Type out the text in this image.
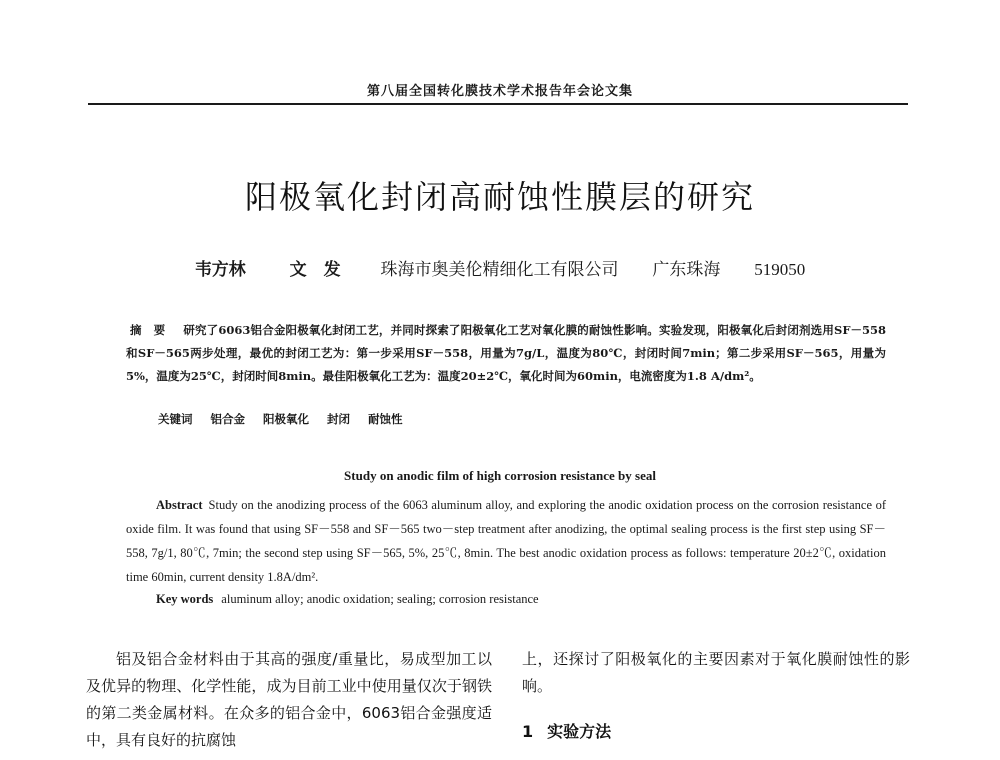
第八届全国转化膜技术学术报告年会论文集
阳极氧化封闭高耐蚀性膜层的研究
韦方林	文　发 珠海市奥美伦精细化工有限公司 广东珠海 519050
摘要 研究了6063铝合金阳极氧化封闭工艺，并同时探索了阳极氧化工艺对氧化膜的耐蚀性影响。实验发现，阳极氧化后封闭剂选用SF－558和SF－565两步处理，最优的封闭工艺为：第一步采用SF－558，用量为7g/L，温度为80℃，封闭时间7min；第二步采用SF－565，用量为5%，温度为25℃，封闭时间8min。最佳阳极氧化工艺为：温度20±2℃，氧化时间为60min，电流密度为1.8 A/dm²。
关键词 铝合金 阳极氧化 封闭 耐蚀性
Study on anodic film of high corrosion resistance by seal
Abstract Study on the anodizing process of the 6063 aluminum alloy, and exploring the anodic oxidation process on the corrosion resistance of oxide film. It was found that using SF－558 and SF－565 two－step treatment after anodizing, the optimal sealing process is the first step using SF－558, 7g/1, 80℃, 7min; the second step using SF－565, 5%, 25℃, 8min. The best anodic oxidation process as follows: temperature 20±2℃, oxidation time 60min, current density 1.8A/dm².
Key words aluminum alloy; anodic oxidation; sealing; corrosion resistance

铝及铝合金材料由于其高的强度/重量比，易成型加工以及优异的物理、化学性能，成为目前工业中使用量仅次于钢铁的第二类金属材料。在众多的铝合金中，6063铝合金强度适中，具有良好的抗腐蚀

上，还探讨了阳极氧化的主要因素对于氧化膜耐蚀性的影响。

1 实验方法
